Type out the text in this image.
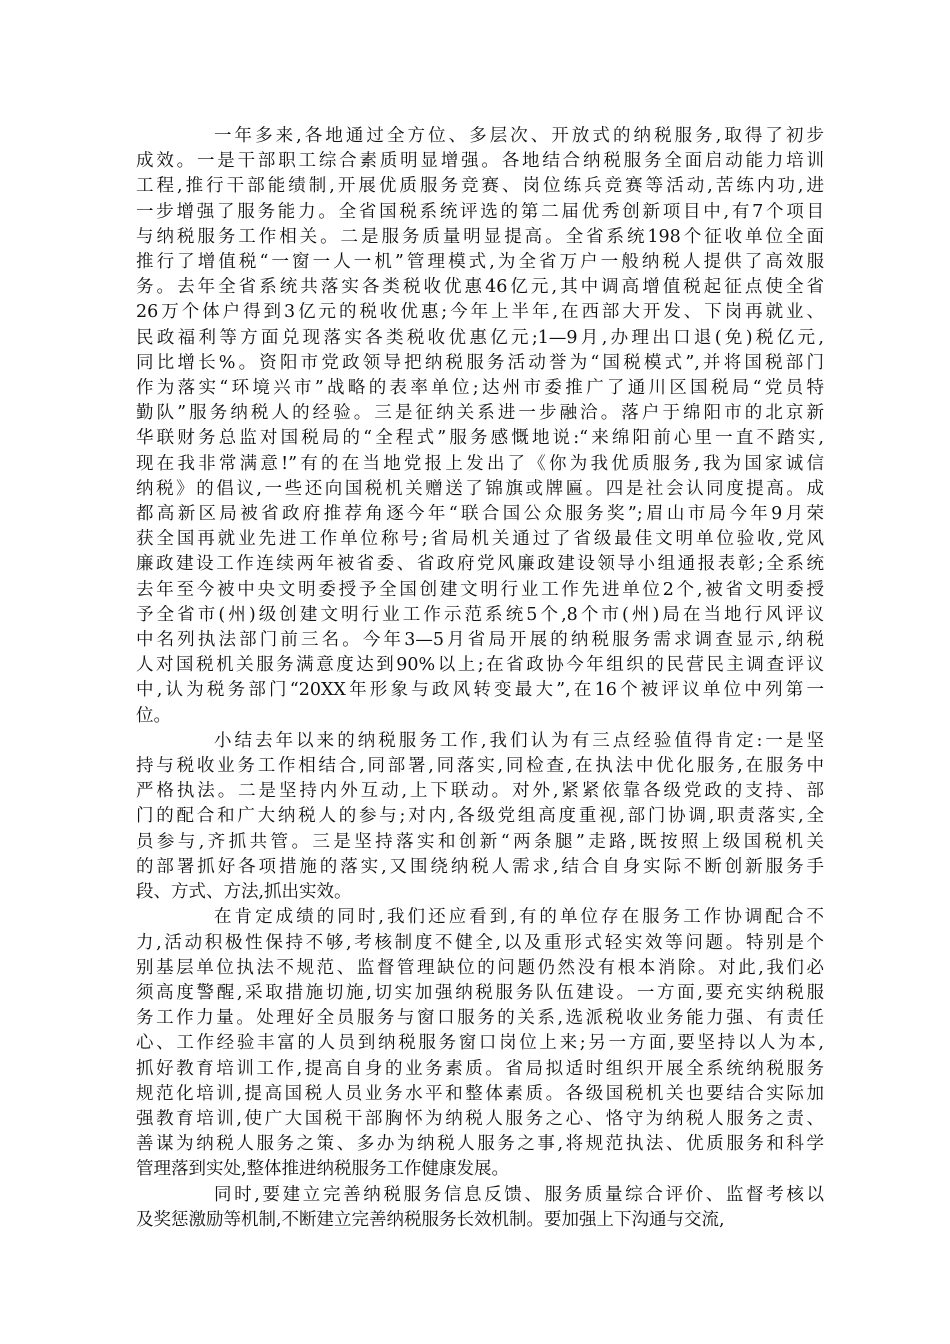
一年多来,各地通过全方位、多层次、开放式的纳税服务,取得了初步
成效。一是干部职工综合素质明显增强。各地结合纳税服务全面启动能力培训
工程,推行干部能绩制,开展优质服务竞赛、岗位练兵竞赛等活动,苦练内功,进
一步增强了服务能力。全省国税系统评选的第二届优秀创新项目中,有7个项目
与纳税服务工作相关。二是服务质量明显提高。全省系统198个征收单位全面
推行了增值税“一窗一人一机”管理模式,为全省万户一般纳税人提供了高效服
务。去年全省系统共落实各类税收优惠46亿元,其中调高增值税起征点使全省
26万个体户得到3亿元的税收优惠;今年上半年,在西部大开发、下岗再就业、
民政福利等方面兑现落实各类税收优惠亿元;1—9月,办理出口退(免)税亿元,
同比增长%。资阳市党政领导把纳税服务活动誉为“国税模式”,并将国税部门
作为落实“环境兴市”战略的表率单位;达州市委推广了通川区国税局“党员特
勤队”服务纳税人的经验。三是征纳关系进一步融洽。落户于绵阳市的北京新
华联财务总监对国税局的“全程式”服务感慨地说:“来绵阳前心里一直不踏实,
现在我非常满意!”有的在当地党报上发出了《你为我优质服务,我为国家诚信
纳税》的倡议,一些还向国税机关赠送了锦旗或牌匾。四是社会认同度提高。成
都高新区局被省政府推荐角逐今年“联合国公众服务奖”;眉山市局今年9月荣
获全国再就业先进工作单位称号;省局机关通过了省级最佳文明单位验收,党风
廉政建设工作连续两年被省委、省政府党风廉政建设领导小组通报表彰;全系统
去年至今被中央文明委授予全国创建文明行业工作先进单位2个,被省文明委授
予全省市(州)级创建文明行业工作示范系统5个,8个市(州)局在当地行风评议
中名列执法部门前三名。今年3—5月省局开展的纳税服务需求调查显示,纳税
人对国税机关服务满意度达到90%以上;在省政协今年组织的民营民主调查评议
中,认为税务部门“20XX年形象与政风转变最大”,在16个被评议单位中列第一
位。
小结去年以来的纳税服务工作,我们认为有三点经验值得肯定:一是坚
持与税收业务工作相结合,同部署,同落实,同检查,在执法中优化服务,在服务中
严格执法。二是坚持内外互动,上下联动。对外,紧紧依靠各级党政的支持、部
门的配合和广大纳税人的参与;对内,各级党组高度重视,部门协调,职责落实,全
员参与,齐抓共管。三是坚持落实和创新“两条腿”走路,既按照上级国税机关
的部署抓好各项措施的落实,又围绕纳税人需求,结合自身实际不断创新服务手
段、方式、方法,抓出实效。
在肯定成绩的同时,我们还应看到,有的单位存在服务工作协调配合不
力,活动积极性保持不够,考核制度不健全,以及重形式轻实效等问题。特别是个
别基层单位执法不规范、监督管理缺位的问题仍然没有根本消除。对此,我们必
须高度警醒,采取措施切施,切实加强纳税服务队伍建设。一方面,要充实纳税服
务工作力量。处理好全员服务与窗口服务的关系,选派税收业务能力强、有责任
心、工作经验丰富的人员到纳税服务窗口岗位上来;另一方面,要坚持以人为本,
抓好教育培训工作,提高自身的业务素质。省局拟适时组织开展全系统纳税服务
规范化培训,提高国税人员业务水平和整体素质。各级国税机关也要结合实际加
强教育培训,使广大国税干部胸怀为纳税人服务之心、恪守为纳税人服务之责、
善谋为纳税人服务之策、多办为纳税人服务之事,将规范执法、优质服务和科学
管理落到实处,整体推进纳税服务工作健康发展。
同时,要建立完善纳税服务信息反馈、服务质量综合评价、监督考核以
及奖惩激励等机制,不断建立完善纳税服务长效机制。要加强上下沟通与交流,
